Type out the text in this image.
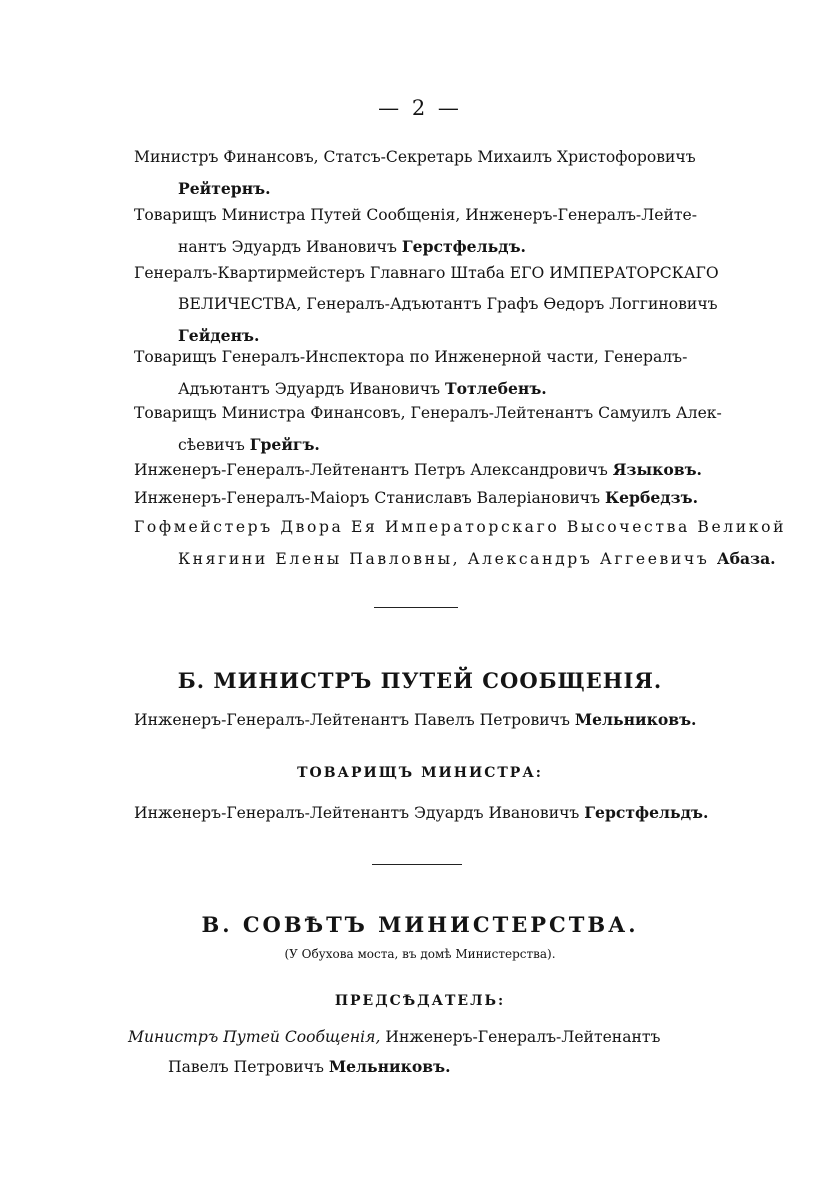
— 2 —
Министръ Финансовъ, Статсъ-Секретарь Михаилъ Христофоровичъ
Рейтернъ.
Товарищъ Министра Путей Сообщенія, Инженеръ-Генералъ-Лейте-
нантъ Эдуардъ Ивановичъ Герстфельдъ.
Генералъ-Квартирмейстеръ Главнаго Штаба ЕГО ИМПЕРАТОРСКАГО
ВЕЛИЧЕСТВА, Генералъ-Адъютантъ Графъ Өедоръ Логгиновичъ
Гейденъ.
Товарищъ Генералъ-Инспектора по Инженерной части, Генералъ-
Адъютантъ Эдуардъ Ивановичъ Тотлебенъ.
Товарищъ Министра Финансовъ, Генералъ-Лейтенантъ Самуилъ Алек-
сѣевичъ Грейгъ.
Инженеръ-Генералъ-Лейтенантъ Петръ Александровичъ Языковъ.
Инженеръ-Генералъ-Маіоръ Станиславъ Валеріановичъ Кербедзъ.
Гофмейстеръ Двора Ея Императорскаго Высочества Великой
Княгини Елены Павловны, Александръ Аггеевичъ Абаза.
Б. МИНИСТРЪ ПУТЕЙ СООБЩЕНІЯ.
Инженеръ-Генералъ-Лейтенантъ Павелъ Петровичъ Мельниковъ.
ТОВАРИЩЪ МИНИСТРА:
Инженеръ-Генералъ-Лейтенантъ Эдуардъ Ивановичъ Герстфельдъ.
В. СОВѢТЪ МИНИСТЕРСТВА.
(У Обухова моста, въ домѣ Министерства).
ПРЕДСѢДАТЕЛЬ:
Министръ Путей Сообщенія, Инженеръ-Генералъ-Лейтенантъ
Павелъ Петровичъ Мельниковъ.
